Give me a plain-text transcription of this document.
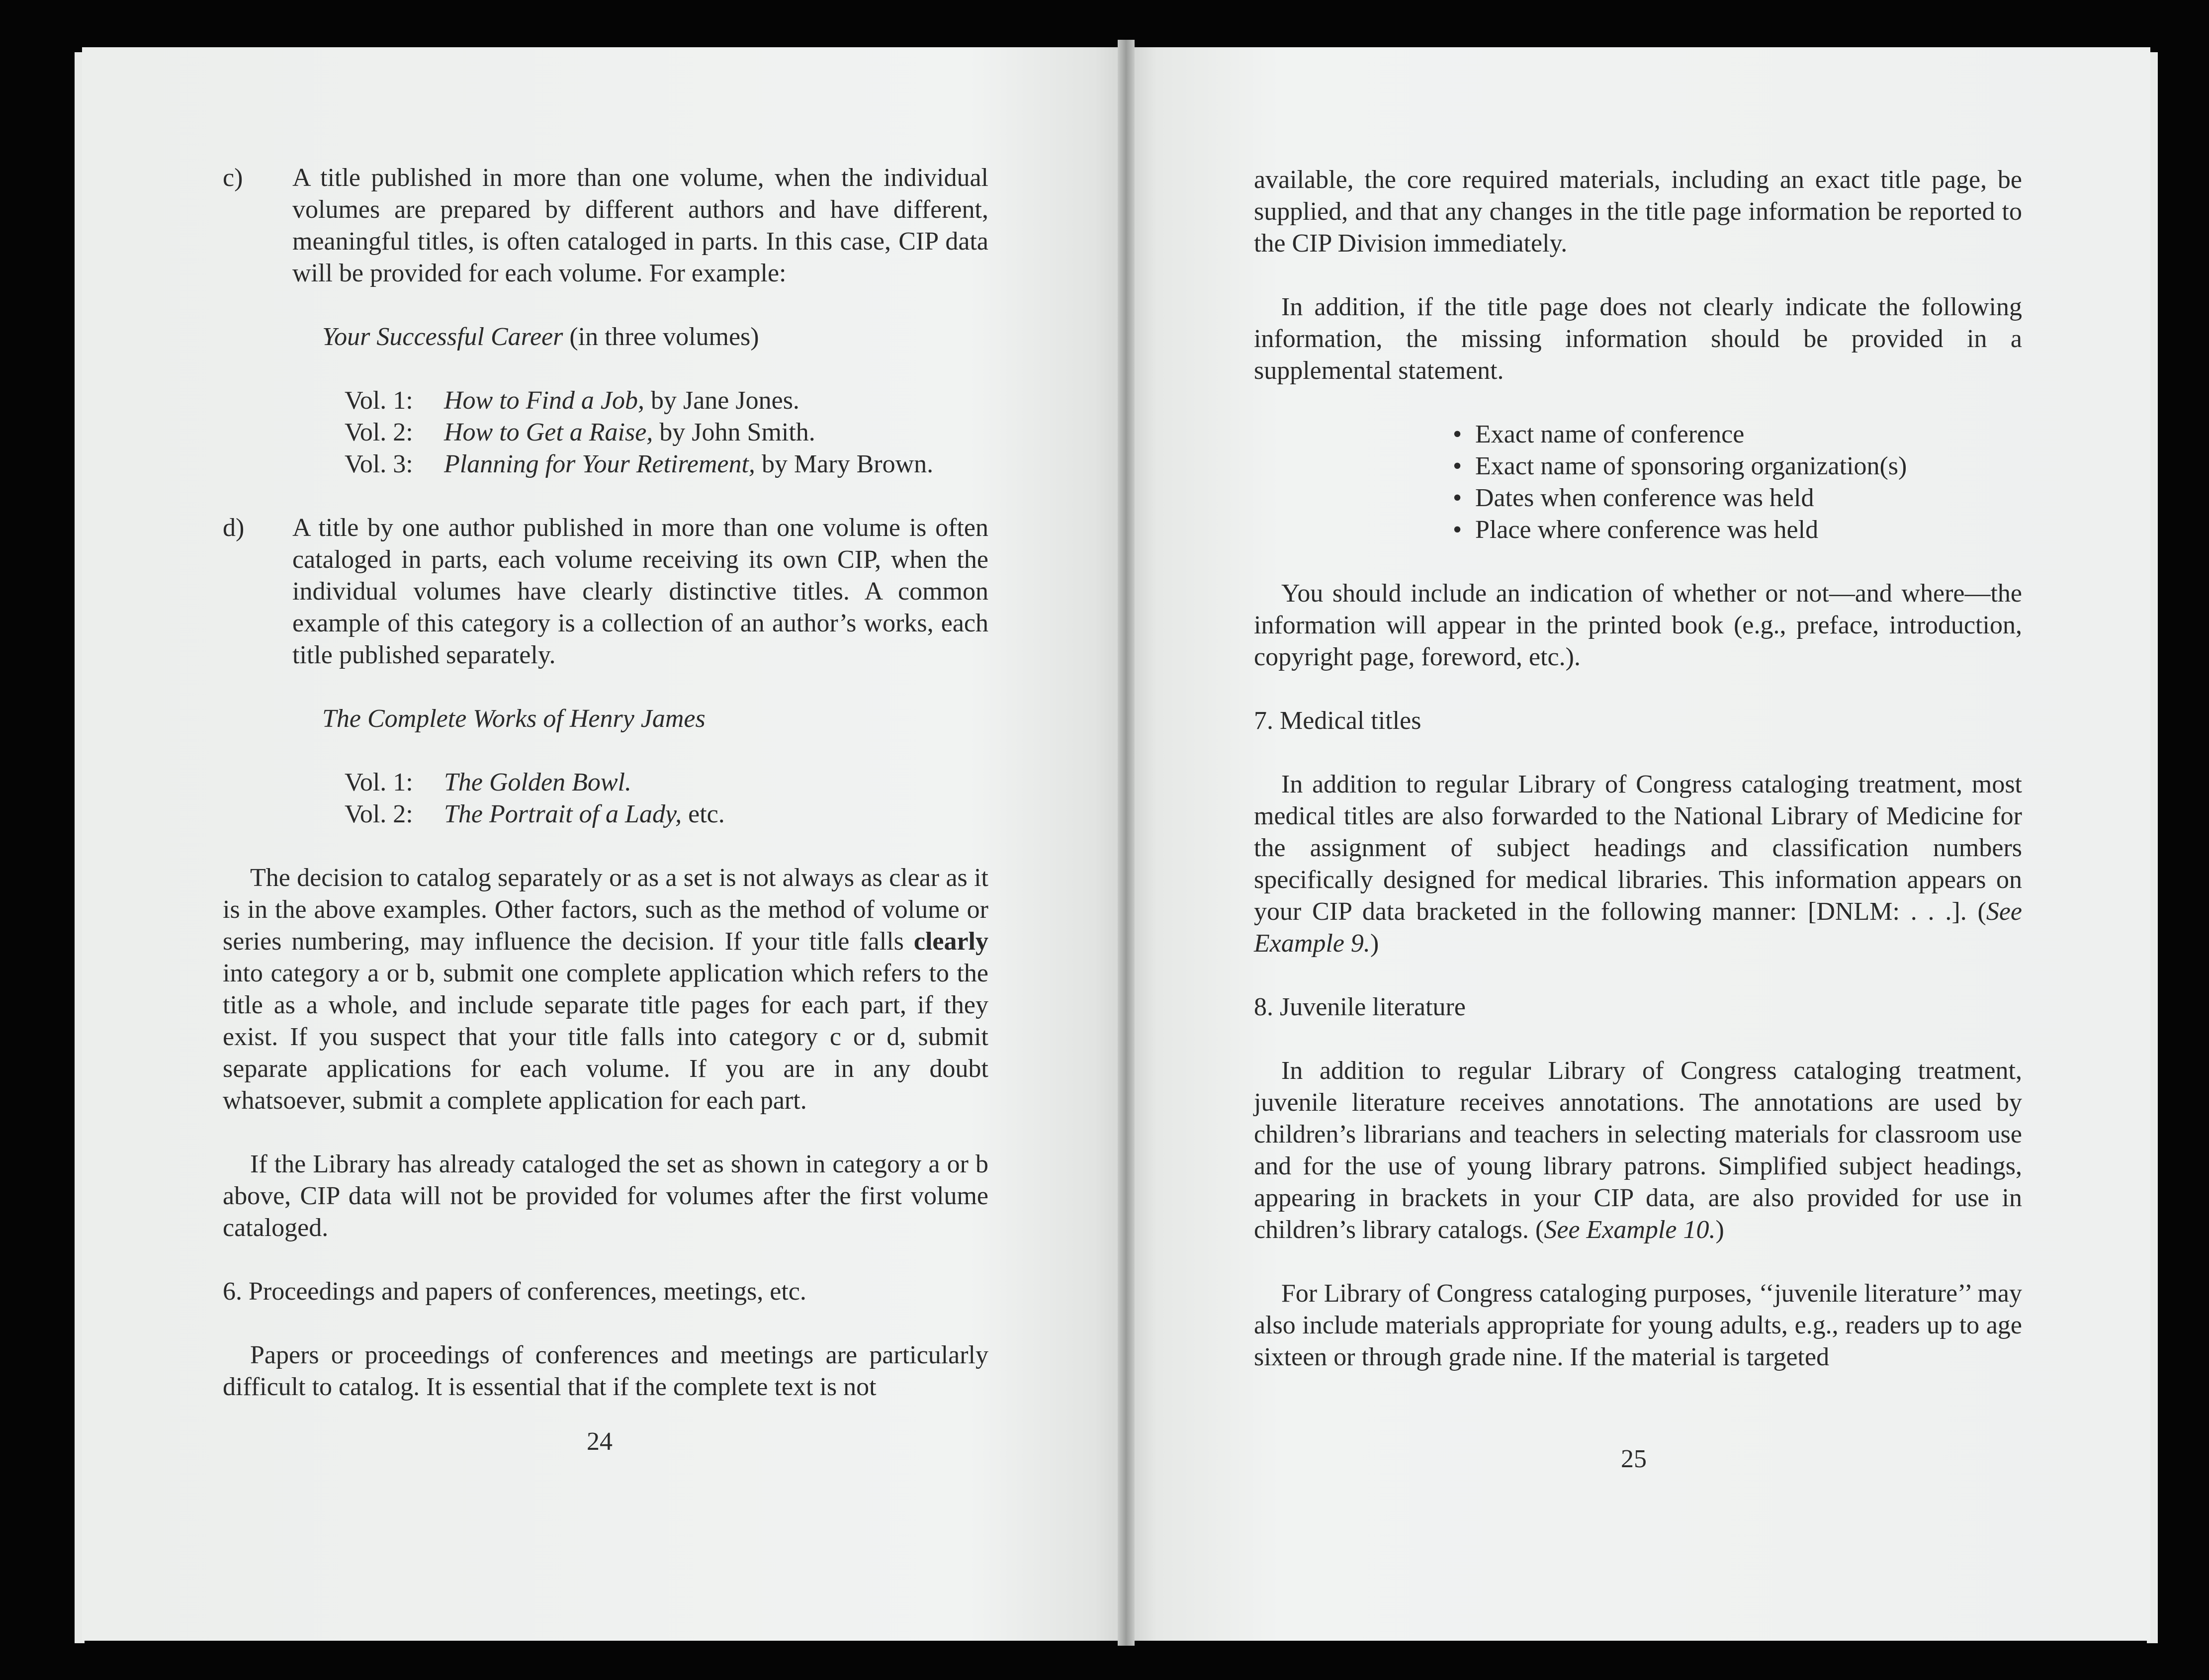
c) A title published in more than one volume, when the individual volumes are prepared by different authors and have different, meaningful titles, is often cataloged in parts. In this case, CIP data will be provided for each volume. For example:

Your Successful Career (in three volumes)

Vol. 1: How to Find a Job, by Jane Jones.

Vol. 2: How to Get a Raise, by John Smith.

Vol. 3: Planning for Your Retirement, by Mary Brown.

d) A title by one author published in more than one volume is often cataloged in parts, each volume receiving its own CIP, when the individual volumes have clearly distinctive titles. A common example of this category is a collection of an author’s works, each title published separately.

The Complete Works of Henry James

Vol. 1: The Golden Bowl.

Vol. 2: The Portrait of a Lady, etc.

The decision to catalog separately or as a set is not always as clear as it is in the above examples. Other factors, such as the method of volume or series numbering, may influence the decision. If your title falls clearly into category a or b, submit one complete application which refers to the title as a whole, and include separate title pages for each part, if they exist. If you suspect that your title falls into category c or d, submit separate applications for each volume. If you are in any doubt whatsoever, submit a complete application for each part.

If the Library has already cataloged the set as shown in category a or b above, CIP data will not be provided for volumes after the first volume cataloged.

6. Proceedings and papers of conferences, meetings, etc.

Papers or proceedings of conferences and meetings are particularly difficult to catalog. It is essential that if the complete text is not

24

available, the core required materials, including an exact title page, be supplied, and that any changes in the title page information be reported to the CIP Division immediately.

In addition, if the title page does not clearly indicate the following information, the missing information should be provided in a supplemental statement.

• Exact name of conference
• Exact name of sponsoring organization(s)
• Dates when conference was held
• Place where conference was held

You should include an indication of whether or not—and where—the information will appear in the printed book (e.g., preface, introduction, copyright page, foreword, etc.).

7. Medical titles

In addition to regular Library of Congress cataloging treatment, most medical titles are also forwarded to the National Library of Medicine for the assignment of subject headings and classification numbers specifically designed for medical libraries. This information appears on your CIP data bracketed in the following manner: [DNLM: . . .]. (See Example 9.)

8. Juvenile literature

In addition to regular Library of Congress cataloging treatment, juvenile literature receives annotations. The annotations are used by children’s librarians and teachers in selecting materials for classroom use and for the use of young library patrons. Simplified subject headings, appearing in brackets in your CIP data, are also provided for use in children’s library catalogs. (See Example 10.)

For Library of Congress cataloging purposes, ‘‘juvenile literature’’ may also include materials appropriate for young adults, e.g., readers up to age sixteen or through grade nine. If the material is targeted

25
